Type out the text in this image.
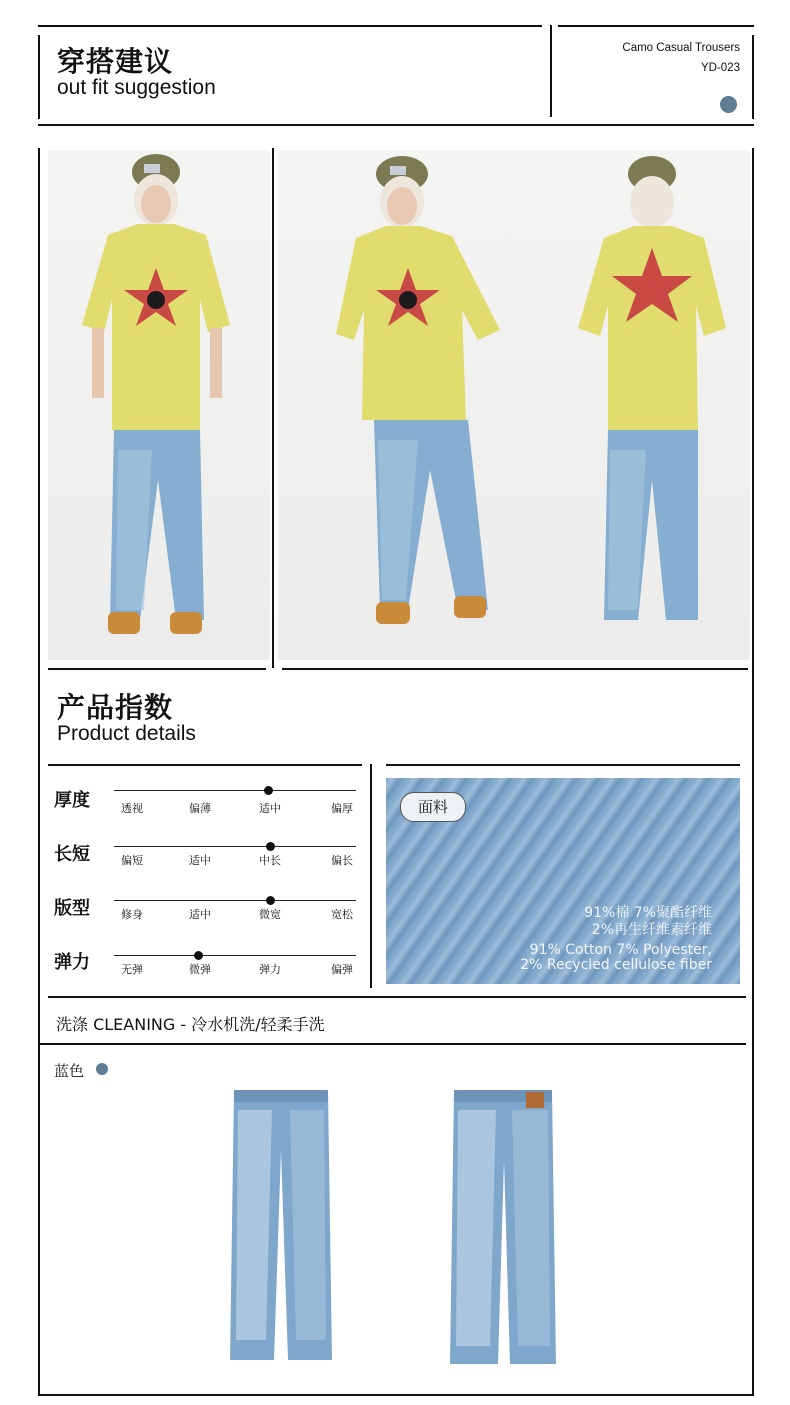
穿搭建议
out fit suggestion
Camo Casual Trousers
YD-023
产品指数
Product details
厚度	透视	偏薄	适中	偏厚
长短	偏短	适中	中长	偏长
版型	修身	适中	微宽	宽松
弹力	无弹	微弹	弹力	偏弹
面料
91%棉 7%聚酯纤维
2%再生纤维素纤维
91% Cotton 7% Polyester,
2% Recycled cellulose fiber
洗涤 CLEANING - 冷水机洗/轻柔手洗
蓝色
